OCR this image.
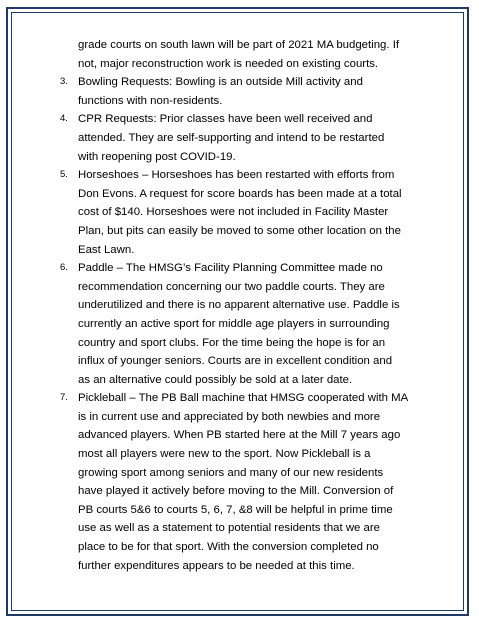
grade courts on south lawn will be part of 2021 MA budgeting. If
not, major reconstruction work is needed on existing courts.
3. Bowling Requests: Bowling is an outside Mill activity and
functions with non-residents.
4. CPR Requests: Prior classes have been well received and
attended. They are self-supporting and intend to be restarted
with reopening post COVID-19.
5. Horseshoes – Horseshoes has been restarted with efforts from
Don Evons. A request for score boards has been made at a total
cost of $140. Horseshoes were not included in Facility Master
Plan, but pits can easily be moved to some other location on the
East Lawn.
6. Paddle – The HMSG’s Facility Planning Committee made no
recommendation concerning our two paddle courts. They are
underutilized and there is no apparent alternative use. Paddle is
currently an active sport for middle age players in surrounding
country and sport clubs. For the time being the hope is for an
influx of younger seniors. Courts are in excellent condition and
as an alternative could possibly be sold at a later date.
7. Pickleball – The PB Ball machine that HMSG cooperated with MA
is in current use and appreciated by both newbies and more
advanced players. When PB started here at the Mill 7 years ago
most all players were new to the sport. Now Pickleball is a
growing sport among seniors and many of our new residents
have played it actively before moving to the Mill. Conversion of
PB courts 5&6 to courts 5, 6, 7, &8 will be helpful in prime time
use as well as a statement to potential residents that we are
place to be for that sport. With the conversion completed no
further expenditures appears to be needed at this time.
